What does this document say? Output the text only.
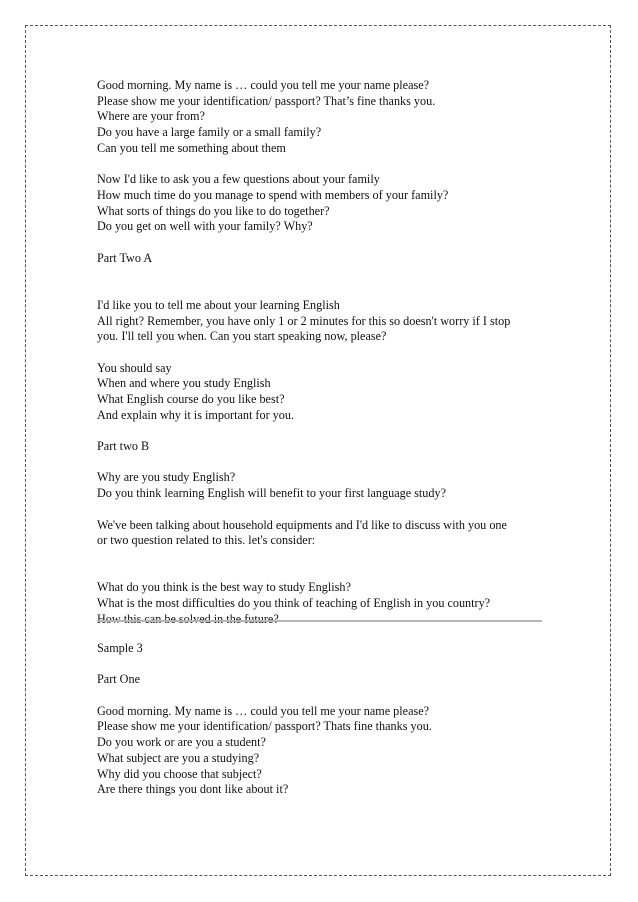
Good morning. My name is … could you tell me your name please?

Please show me your identification/ passport? That’s fine thanks you.

Where are your from?

Do you have a large family or a small family?

Can you tell me something about them

Now I'd like to ask you a few questions about your family

How much time do you manage to spend with members of your family?

What sorts of things do you like to do together?

Do you get on well with your family? Why?

Part Two A

I'd like you to tell me about your learning English

All right? Remember, you have only 1 or 2 minutes for this so doesn't worry if I stop

you. I'll tell you when. Can you start speaking now, please?

You should say

When and where you study English

What English course do you like best?

And explain why it is important for you.

Part two B

Why are you study English?

Do you think learning English will benefit to your first language study?

We've been talking about household equipments and I'd like to discuss with you one

or two question related to this. let's consider:

What do you think is the best way to study English?

What is the most difficulties do you think of teaching of English in you country?

How this can be solved in the future?

Sample 3

Part One

Good morning. My name is … could you tell me your name please?

Please show me your identification/ passport? Thats fine thanks you.

Do you work or are you a student?

What subject are you a studying?

Why did you choose that subject?

Are there things you dont like about it?
